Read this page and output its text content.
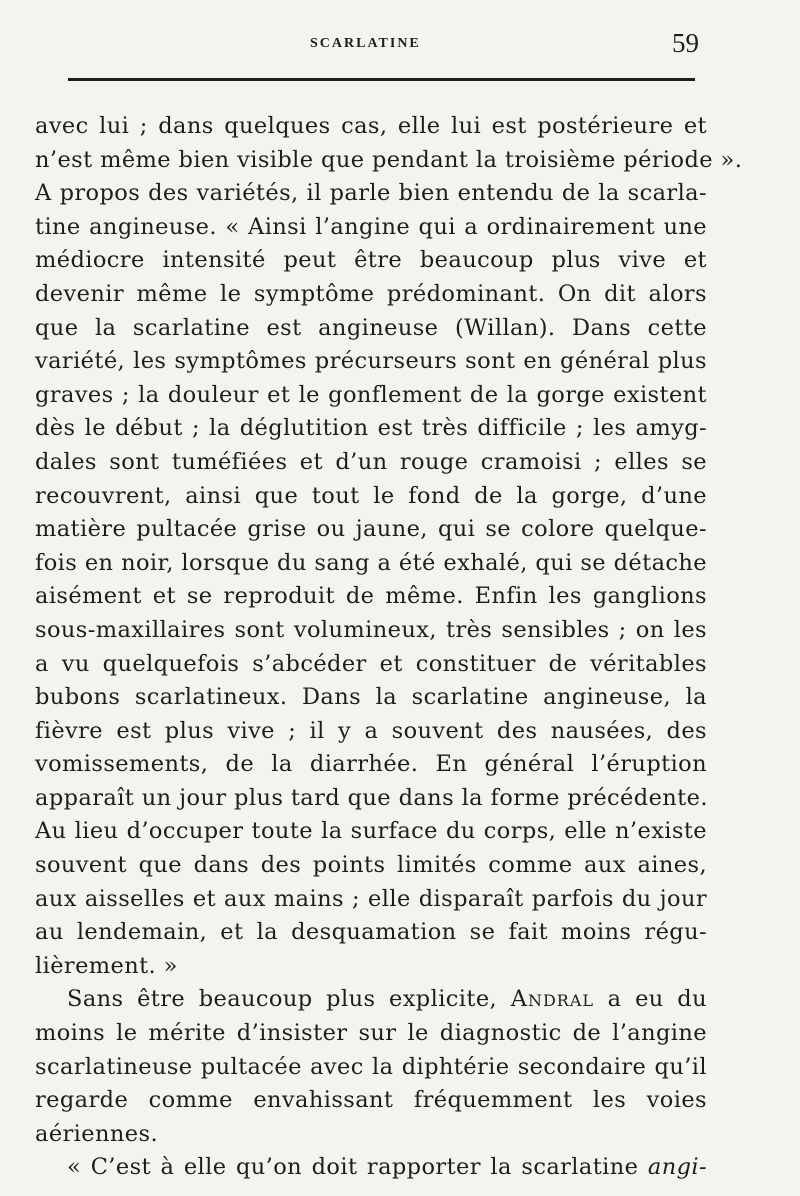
SCARLATINE	59
avec lui ; dans quelques cas, elle lui est postérieure et
n’est même bien visible que pendant la troisième période ».
A propos des variétés, il parle bien entendu de la scarla-
tine angineuse. « Ainsi l’angine qui a ordinairement une
médiocre intensité peut être beaucoup plus vive et
devenir même le symptôme prédominant. On dit alors
que la scarlatine est angineuse (Willan). Dans cette
variété, les symptômes précurseurs sont en général plus
graves ; la douleur et le gonflement de la gorge existent
dès le début ; la déglutition est très difficile ; les amyg-
dales sont tuméfiées et d’un rouge cramoisi ; elles se
recouvrent, ainsi que tout le fond de la gorge, d’une
matière pultacée grise ou jaune, qui se colore quelque-
fois en noir, lorsque du sang a été exhalé, qui se détache
aisément et se reproduit de même. Enfin les ganglions
sous-maxillaires sont volumineux, très sensibles ; on les
a vu quelquefois s’abcéder et constituer de véritables
bubons scarlatineux. Dans la scarlatine angineuse, la
fièvre est plus vive ; il y a souvent des nausées, des
vomissements, de la diarrhée. En général l’éruption
apparaît un jour plus tard que dans la forme précédente.
Au lieu d’occuper toute la surface du corps, elle n’existe
souvent que dans des points limités comme aux aines,
aux aisselles et aux mains ; elle disparaît parfois du jour
au lendemain, et la desquamation se fait moins régu-
lièrement. »
Sans être beaucoup plus explicite, Andral a eu du
moins le mérite d’insister sur le diagnostic de l’angine
scarlatineuse pultacée avec la diphtérie secondaire qu’il
regarde comme envahissant fréquemment les voies
aériennes.
« C’est à elle qu’on doit rapporter la scarlatine angi-
